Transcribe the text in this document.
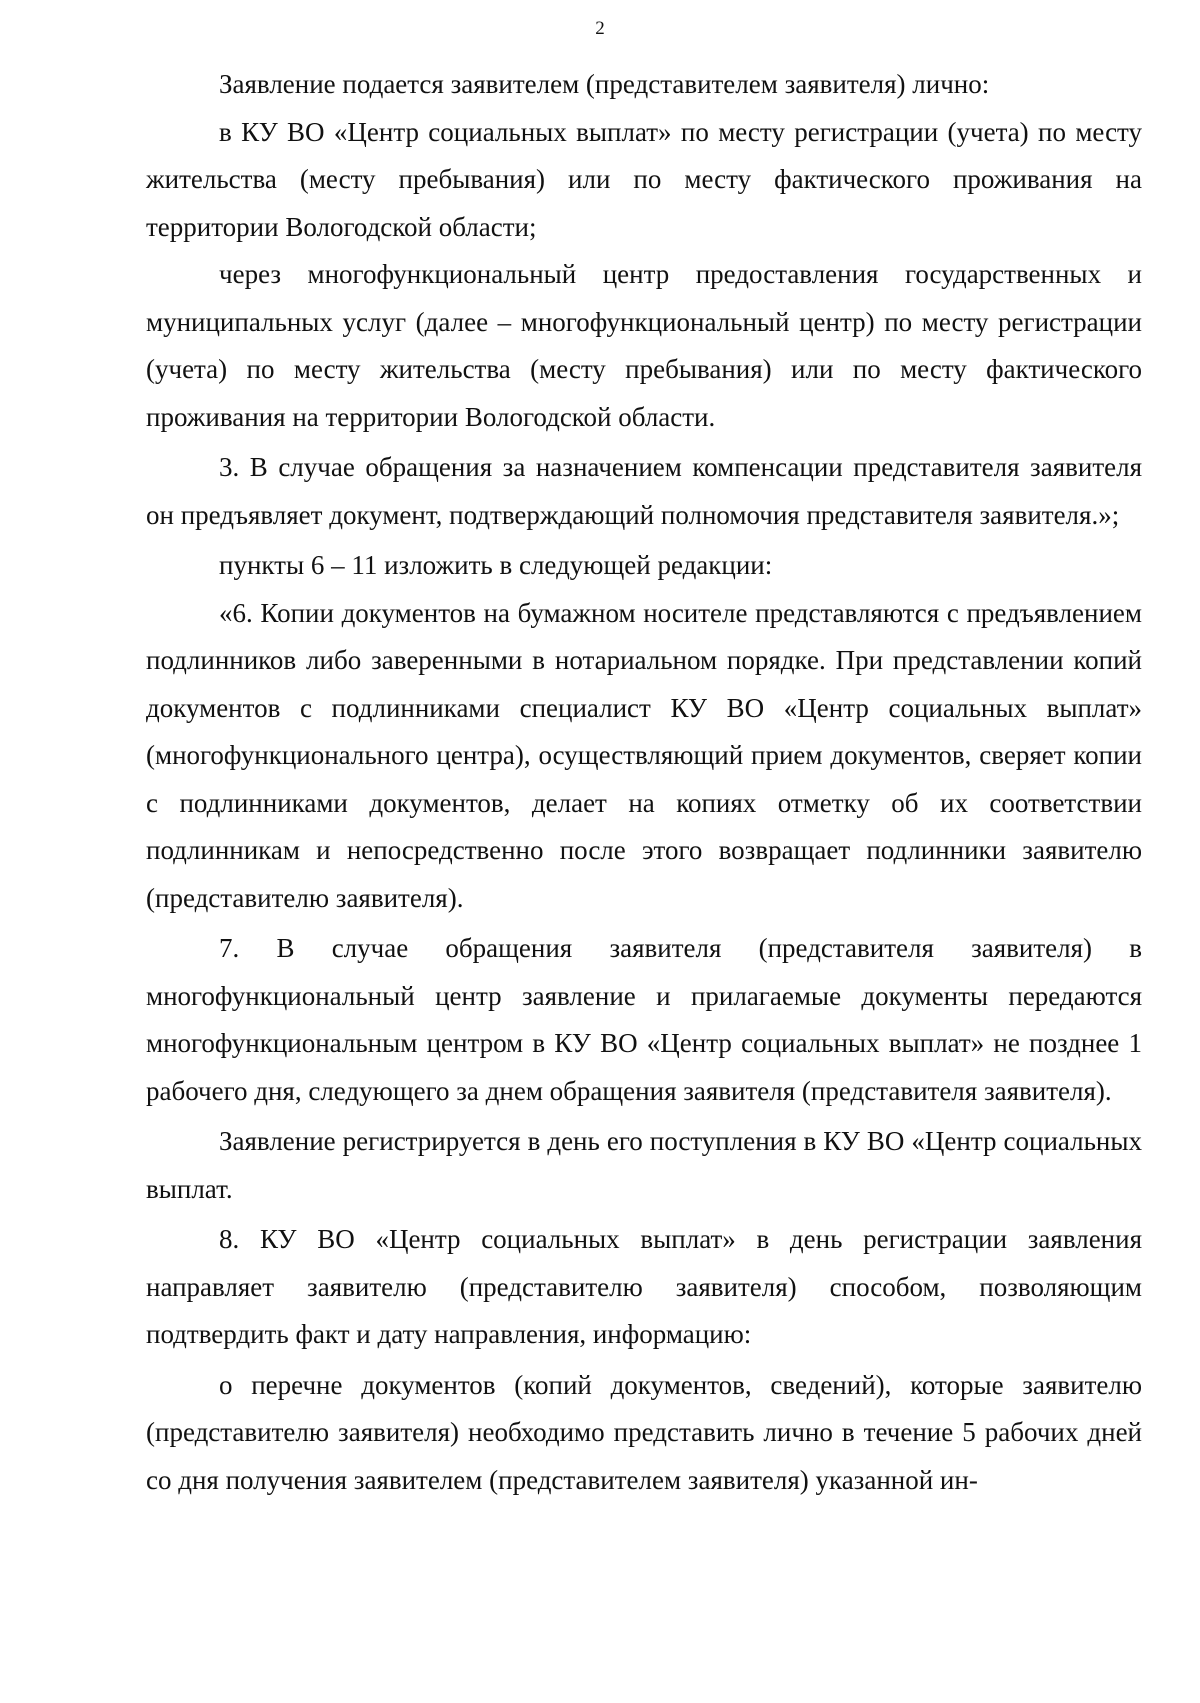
2

Заявление подается заявителем (представителем заявителя) лично:

в КУ ВО «Центр социальных выплат» по месту регистрации (учета) по месту жительства (месту пребывания) или по месту фактического проживания на территории Вологодской области;

через многофункциональный центр предоставления государственных и муниципальных услуг (далее – многофункциональный центр) по месту регистрации (учета) по месту жительства (месту пребывания) или по месту фактического проживания на территории Вологодской области.

3. В случае обращения за назначением компенсации представителя заявителя он предъявляет документ, подтверждающий полномочия представителя заявителя.»;

пункты 6 – 11 изложить в следующей редакции:

«6. Копии документов на бумажном носителе представляются с предъявлением подлинников либо заверенными в нотариальном порядке. При представлении копий документов с подлинниками специалист КУ ВО «Центр социальных выплат» (многофункционального центра), осуществляющий прием документов, сверяет копии с подлинниками документов, делает на копиях отметку об их соответствии подлинникам и непосредственно после этого возвращает подлинники заявителю (представителю заявителя).

7. В случае обращения заявителя (представителя заявителя) в многофункциональный центр заявление и прилагаемые документы передаются многофункциональным центром в КУ ВО «Центр социальных выплат» не позднее 1 рабочего дня, следующего за днем обращения заявителя (представителя заявителя).

Заявление регистрируется в день его поступления в КУ ВО «Центр социальных выплат.

8. КУ ВО «Центр социальных выплат» в день регистрации заявления направляет заявителю (представителю заявителя) способом, позволяющим подтвердить факт и дату направления, информацию:

о перечне документов (копий документов, сведений), которые заявителю (представителю заявителя) необходимо представить лично в течение 5 рабочих дней со дня получения заявителем (представителем заявителя) указанной ин-
